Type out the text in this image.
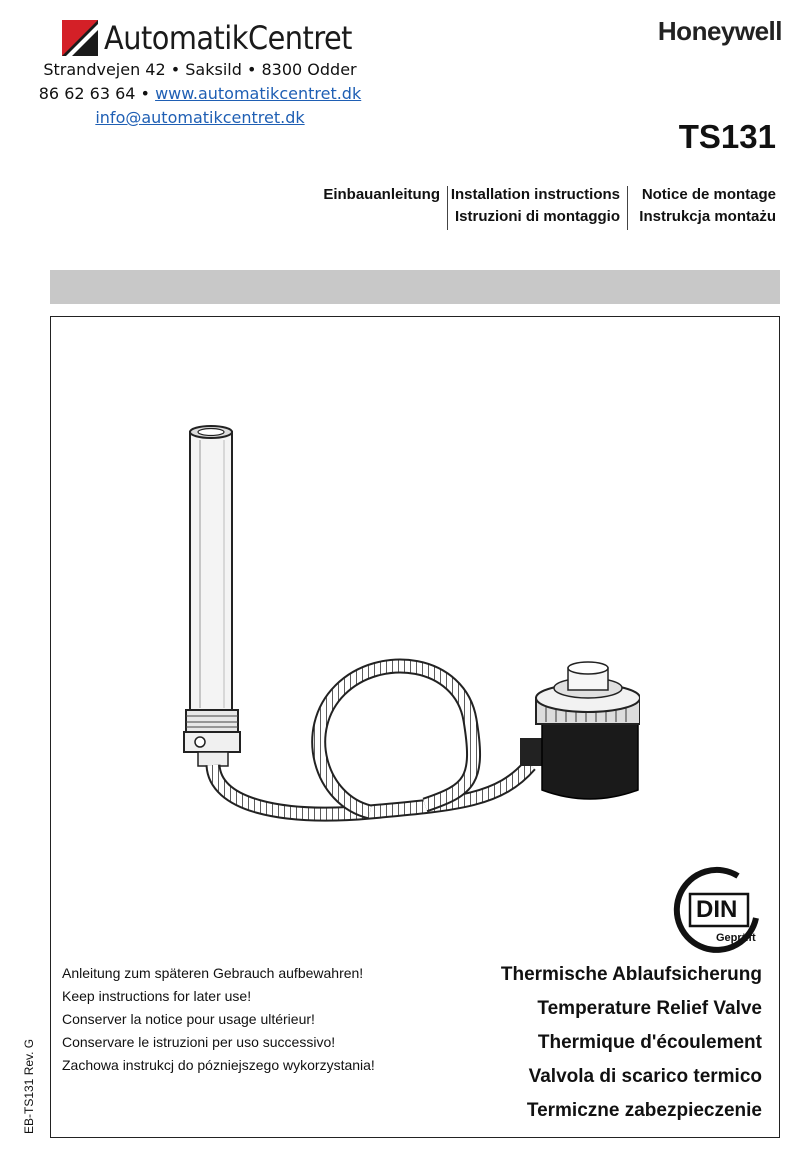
AutomatikCentret
Strandvejen 42 • Saksild • 8300 Odder
86 62 63 64 • www.automatikcentret.dk
info@automatikcentret.dk
Honeywell
TS131
Einbauanleitung Installation instructions Notice de montage
Istruzioni di montaggio Instrukcja montażu
DIN
Geprüft
Anleitung zum späteren Gebrauch aufbewahren!
Keep instructions for later use!
Conserver la notice pour usage ultérieur!
Conservare le istruzioni per uso successivo!
Zachowa instrukcj do pózniejszego wykorzystania!
Thermische Ablaufsicherung
Temperature Relief Valve
Thermique d'écoulement
Valvola di scarico termico
Termiczne zabezpieczenie
EB-TS131 Rev. G
